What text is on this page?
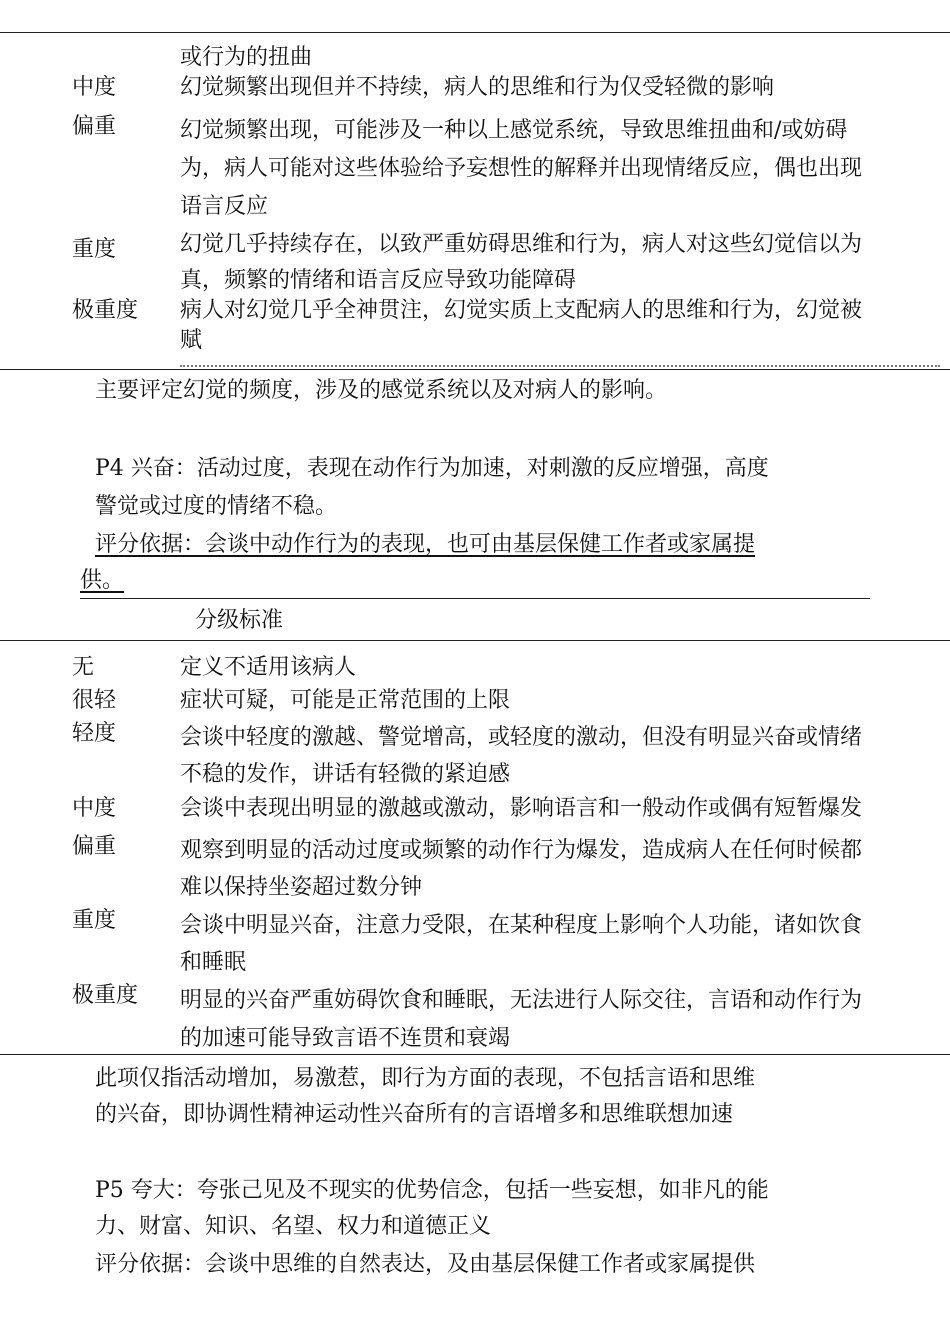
或行为的扭曲
中度	幻觉频繁出现但并不持续，病人的思维和行为仅受轻微的影响
偏重	幻觉频繁出现，可能涉及一种以上感觉系统，导致思维扭曲和/或妨碍
为，病人可能对这些体验给予妄想性的解释并出现情绪反应，偶也出现
语言反应
重度	幻觉几乎持续存在，以致严重妨碍思维和行为，病人对这些幻觉信以为
真，频繁的情绪和语言反应导致功能障碍
极重度 病人对幻觉几乎全神贯注，幻觉实质上支配病人的思维和行为，幻觉被
赋
主要评定幻觉的频度，涉及的感觉系统以及对病人的影响。
P4 兴奋：活动过度，表现在动作行为加速，对刺激的反应增强，高度
警觉或过度的情绪不稳。
评分依据：会谈中动作行为的表现，也可由基层保健工作者或家属提
供。
分级标准
无	定义不适用该病人
很轻	症状可疑，可能是正常范围的上限
轻度	会谈中轻度的激越、警觉增高，或轻度的激动，但没有明显兴奋或情绪
不稳的发作，讲话有轻微的紧迫感
中度	会谈中表现出明显的激越或激动，影响语言和一般动作或偶有短暂爆发
偏重	观察到明显的活动过度或频繁的动作行为爆发，造成病人在任何时候都
难以保持坐姿超过数分钟
重度	会谈中明显兴奋，注意力受限，在某种程度上影响个人功能，诸如饮食
和睡眠
极重度 明显的兴奋严重妨碍饮食和睡眠，无法进行人际交往，言语和动作行为
的加速可能导致言语不连贯和衰竭
此项仅指活动增加，易激惹，即行为方面的表现，不包括言语和思维
的兴奋，即协调性精神运动性兴奋所有的言语增多和思维联想加速
P5 夸大：夸张己见及不现实的优势信念，包括一些妄想，如非凡的能
力、财富、知识、名望、权力和道德正义
评分依据：会谈中思维的自然表达，及由基层保健工作者或家属提供
